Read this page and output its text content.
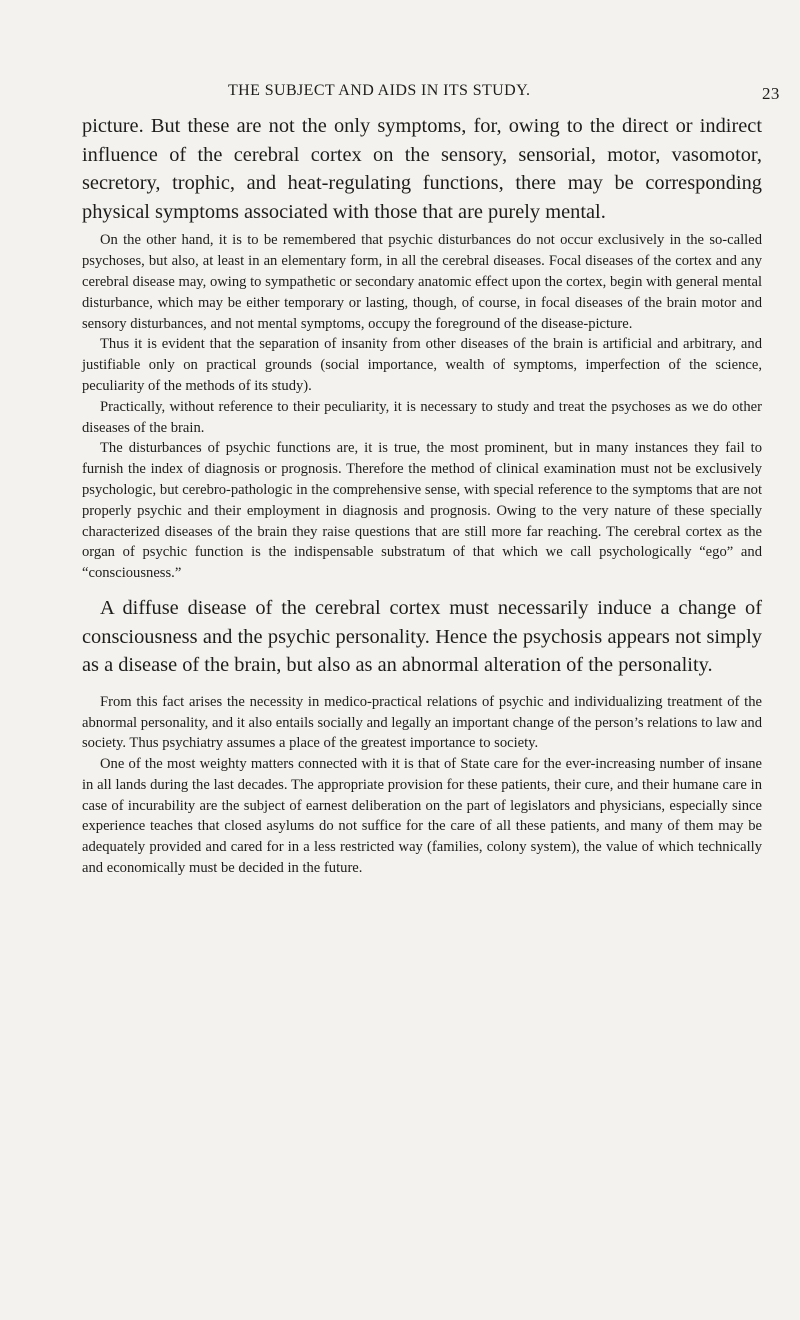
THE SUBJECT AND AIDS IN ITS STUDY.	23

picture. But these are not the only symptoms, for, owing to the direct or indirect influence of the cerebral cortex on the sensory, sensorial, motor, vasomotor, secretory, trophic, and heat-regulating functions, there may be corresponding physical symptoms associated with those that are purely mental.

On the other hand, it is to be remembered that psychic disturbances do not occur exclusively in the so-called psychoses, but also, at least in an elementary form, in all the cerebral diseases. Focal diseases of the cortex and any cerebral disease may, owing to sympathetic or secondary anatomic effect upon the cortex, begin with general mental disturbance, which may be either temporary or lasting, though, of course, in focal diseases of the brain motor and sensory disturbances, and not mental symptoms, occupy the foreground of the disease-picture.

Thus it is evident that the separation of insanity from other diseases of the brain is artificial and arbitrary, and justifiable only on practical grounds (social importance, wealth of symptoms, imperfection of the science, peculiarity of the methods of its study).

Practically, without reference to their peculiarity, it is necessary to study and treat the psychoses as we do other diseases of the brain.

The disturbances of psychic functions are, it is true, the most prominent, but in many instances they fail to furnish the index of diagnosis or prognosis. Therefore the method of clinical examination must not be exclusively psychologic, but cerebro-pathologic in the comprehensive sense, with special reference to the symptoms that are not properly psychic and their employment in diagnosis and prognosis. Owing to the very nature of these specially characterized diseases of the brain they raise questions that are still more far reaching. The cerebral cortex as the organ of psychic function is the indispensable substratum of that which we call psychologically “ego” and “consciousness.”

A diffuse disease of the cerebral cortex must necessarily induce a change of consciousness and the psychic personality. Hence the psychosis appears not simply as a disease of the brain, but also as an abnormal alteration of the personality.

From this fact arises the necessity in medico-practical relations of psychic and individualizing treatment of the abnormal personality, and it also entails socially and legally an important change of the person’s relations to law and society. Thus psychiatry assumes a place of the greatest importance to society.

One of the most weighty matters connected with it is that of State care for the ever-increasing number of insane in all lands during the last decades. The appropriate provision for these patients, their cure, and their humane care in case of incurability are the subject of earnest deliberation on the part of legislators and physicians, especially since experience teaches that closed asylums do not suffice for the care of all these patients, and many of them may be adequately provided and cared for in a less restricted way (families, colony system), the value of which technically and economically must be decided in the future.
